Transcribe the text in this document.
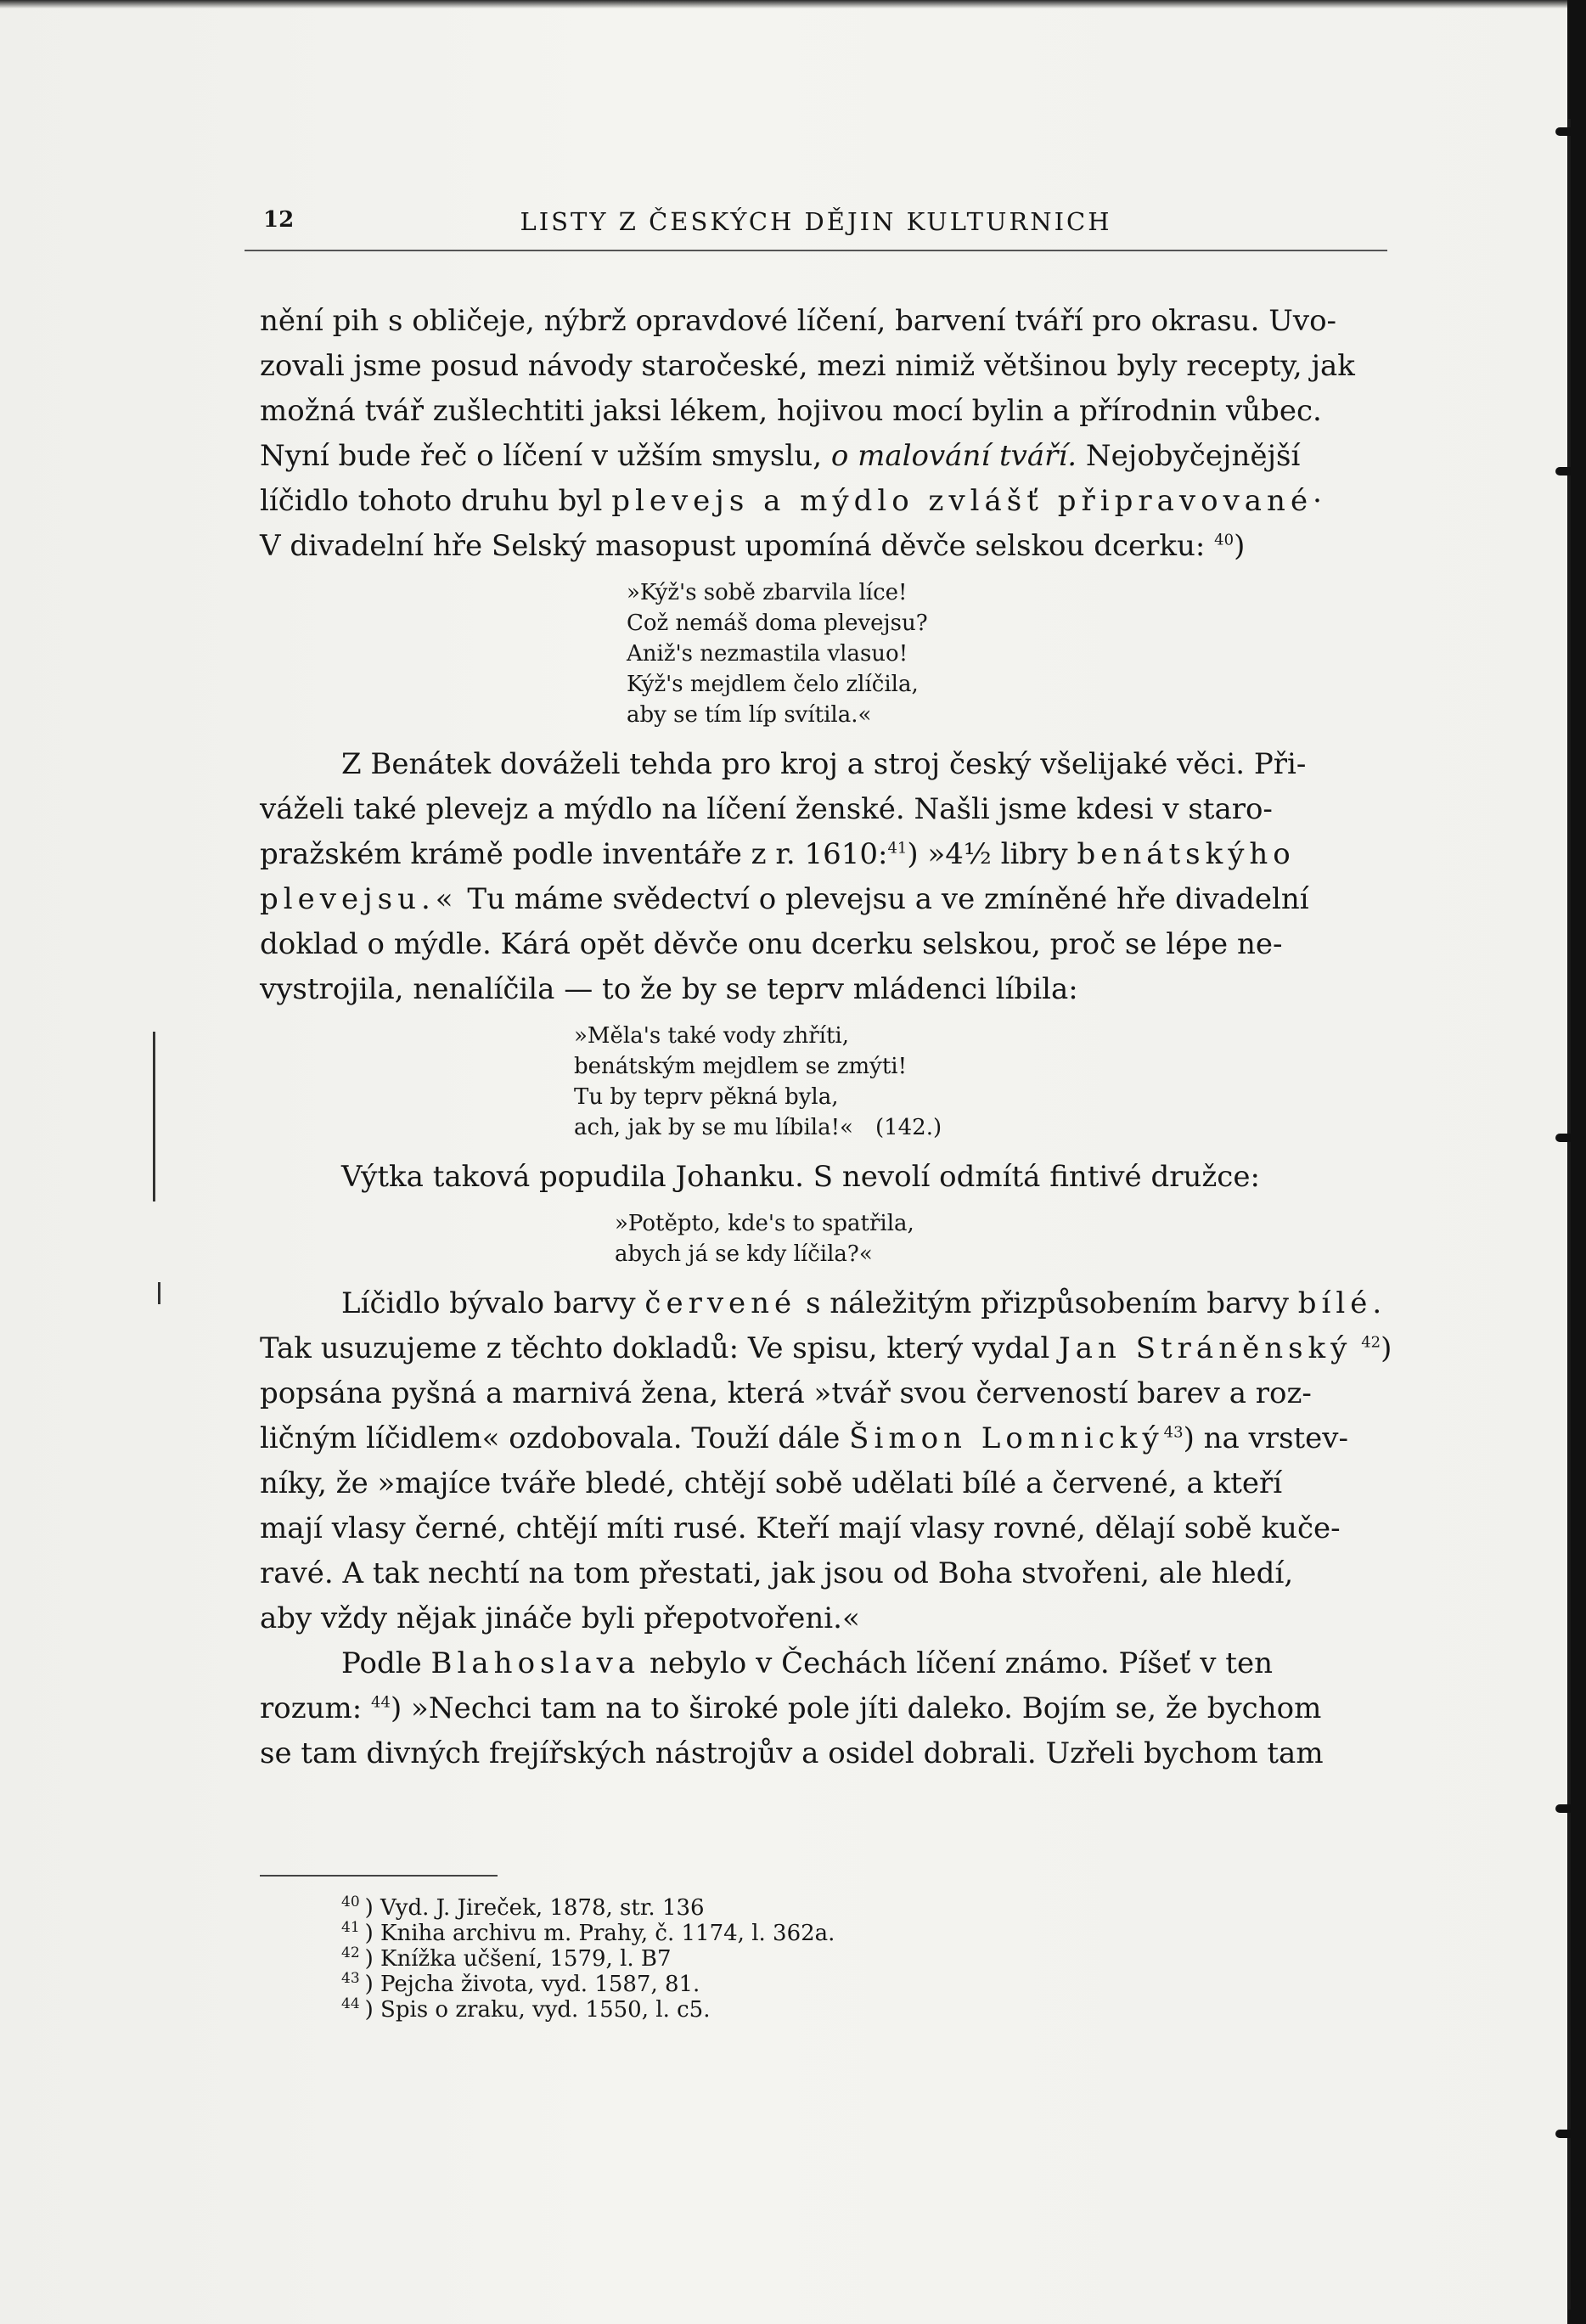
12	LISTY Z ČESKÝCH DĚJIN KULTURNICH
nění pih s obličeje, nýbrž opravdové líčení, barvení tváří pro okrasu. Uvo-
zovali jsme posud návody staročeské, mezi nimiž většinou byly recepty, jak
možná tvář zušlechtiti jaksi lékem, hojivou mocí bylin a přírodnin vůbec.
Nyní bude řeč o líčení v užším smyslu, o malování tváří. Nejobyčejnější
líčidlo tohoto druhu byl plevejs a mýdlo zvlášť připravované·
V divadelní hře Selský masopust upomíná děvče selskou dcerku: $^{40}$)
»Kýž's sobě zbarvila líce!
Což nemáš doma plevejsu?
Aniž's nezmastila vlasuo!
Kýž's mejdlem čelo zlíčila,
aby se tím líp svítila.«
Z Benátek dováželi tehda pro kroj a stroj český všelijaké věci. Při-
váželi také plevejz a mýdlo na líčení ženské. Našli jsme kdesi v staro-
pražském krámě podle inventáře z r. 1610:$^{41}$) »4½ libry benátskýho
plevejsu.« Tu máme svědectví o plevejsu a ve zmíněné hře divadelní
doklad o mýdle. Kárá opět děvče onu dcerku selskou, proč se lépe ne-
vystrojila, nenalíčila — to že by se teprv mládenci líbila:
»Měla's také vody zhříti,
benátským mejdlem se zmýti!
Tu by teprv pěkná byla,
ach, jak by se mu líbila!« (142.)
Výtka taková popudila Johanku. S nevolí odmítá fintivé družce:
»Potěpto, kde's to spatřila,
abych já se kdy líčila?«
Líčidlo bývalo barvy červené s náležitým přizpůsobením barvy bílé.
Tak usuzujeme z těchto dokladů: Ve spisu, který vydal Jan Stráněnský $^{42}$)
popsána pyšná a marnivá žena, která »tvář svou červeností barev a roz-
ličným líčidlem« ozdobovala. Touží dále Šimon Lomnický$^{43}$) na vrstev-
níky, že »majíce tváře bledé, chtějí sobě udělati bílé a červené, a kteří
mají vlasy černé, chtějí míti rusé. Kteří mají vlasy rovné, dělají sobě kuče-
ravé. A tak nechtí na tom přestati, jak jsou od Boha stvořeni, ale hledí,
aby vždy nějak jináče byli přepotvořeni.«
Podle Blahoslava nebylo v Čechách líčení známo. Píšeť v ten
rozum: $^{44}$) »Nechci tam na to široké pole jíti daleko. Bojím se, že bychom
se tam divných frejířských nástrojův a osidel dobrali. Uzřeli bychom tam
$^{40}$ ) Vyd. J. Jireček, 1878, str. 136
$^{41}$ ) Kniha archivu m. Prahy, č. 1174, l. 362a.
$^{42}$ ) Knížka učšení, 1579, l. B7
$^{43}$ ) Pejcha života, vyd. 1587, 81.
$^{44}$ ) Spis o zraku, vyd. 1550, l. c5.
